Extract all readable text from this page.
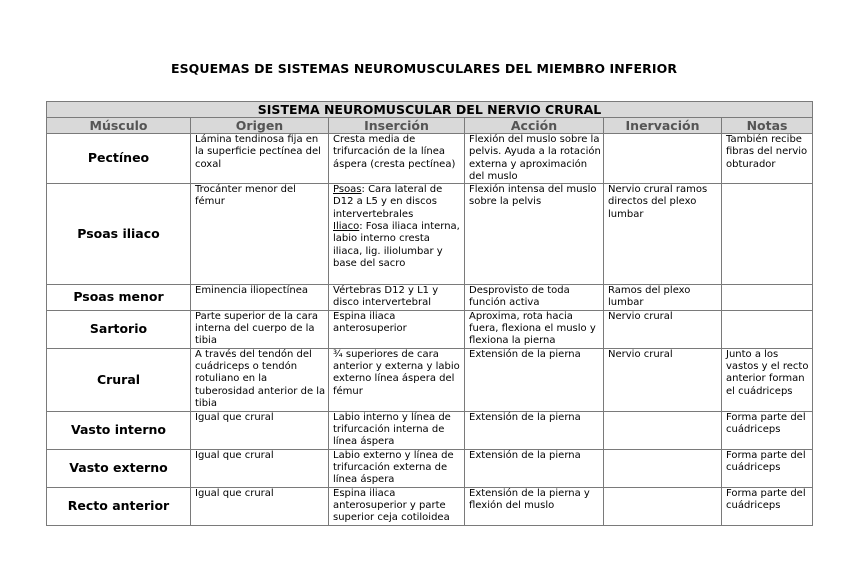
ESQUEMAS DE SISTEMAS NEUROMUSCULARES DEL MIEMBRO INFERIOR
SISTEMA NEUROMUSCULAR DEL NERVIO CRURAL					
Músculo	Origen	Inserción	Acción	Inervación	Notas
Pectíneo	Lámina tendinosa fija en la superficie pectínea del coxal	Cresta media de trifurcación de la línea áspera (cresta pectínea)	Flexión del muslo sobre la pelvis. Ayuda a la rotación externa y aproximación del muslo		También recibe fibras del nervio obturador
Psoas iliaco	Trocánter menor del fémur	Psoas: Cara lateral de D12 a L5 y en discos intervertebrales
Iliaco: Fosa iliaca interna, labio interno cresta iliaca, lig. iliolumbar y base del sacro	Flexión intensa del muslo sobre la pelvis	Nervio crural ramos directos del plexo lumbar	
Psoas menor	Eminencia iliopectínea	Vértebras D12 y L1 y disco intervertebral	Desprovisto de toda función activa	Ramos del plexo lumbar	
Sartorio	Parte superior de la cara interna del cuerpo de la tibia	Espina iliaca anterosuperior	Aproxima, rota hacia fuera, flexiona el muslo y flexiona la pierna	Nervio crural	
Crural	A través del tendón del cuádriceps o tendón rotuliano en la tuberosidad anterior de la tibia	¾ superiores de cara anterior y externa y labio externo línea áspera del fémur	Extensión de la pierna	Nervio crural	Junto a los vastos y el recto anterior forman el cuádriceps
Vasto interno	Igual que crural	Labio interno y línea de trifurcación interna de línea áspera	Extensión de la pierna		Forma parte del cuádriceps
Vasto externo	Igual que crural	Labio externo y línea de trifurcación externa de línea áspera	Extensión de la pierna		Forma parte del cuádriceps
Recto anterior	Igual que crural	Espina iliaca anterosuperior y parte superior ceja cotiloidea	Extensión de la pierna y flexión del muslo		Forma parte del cuádriceps
